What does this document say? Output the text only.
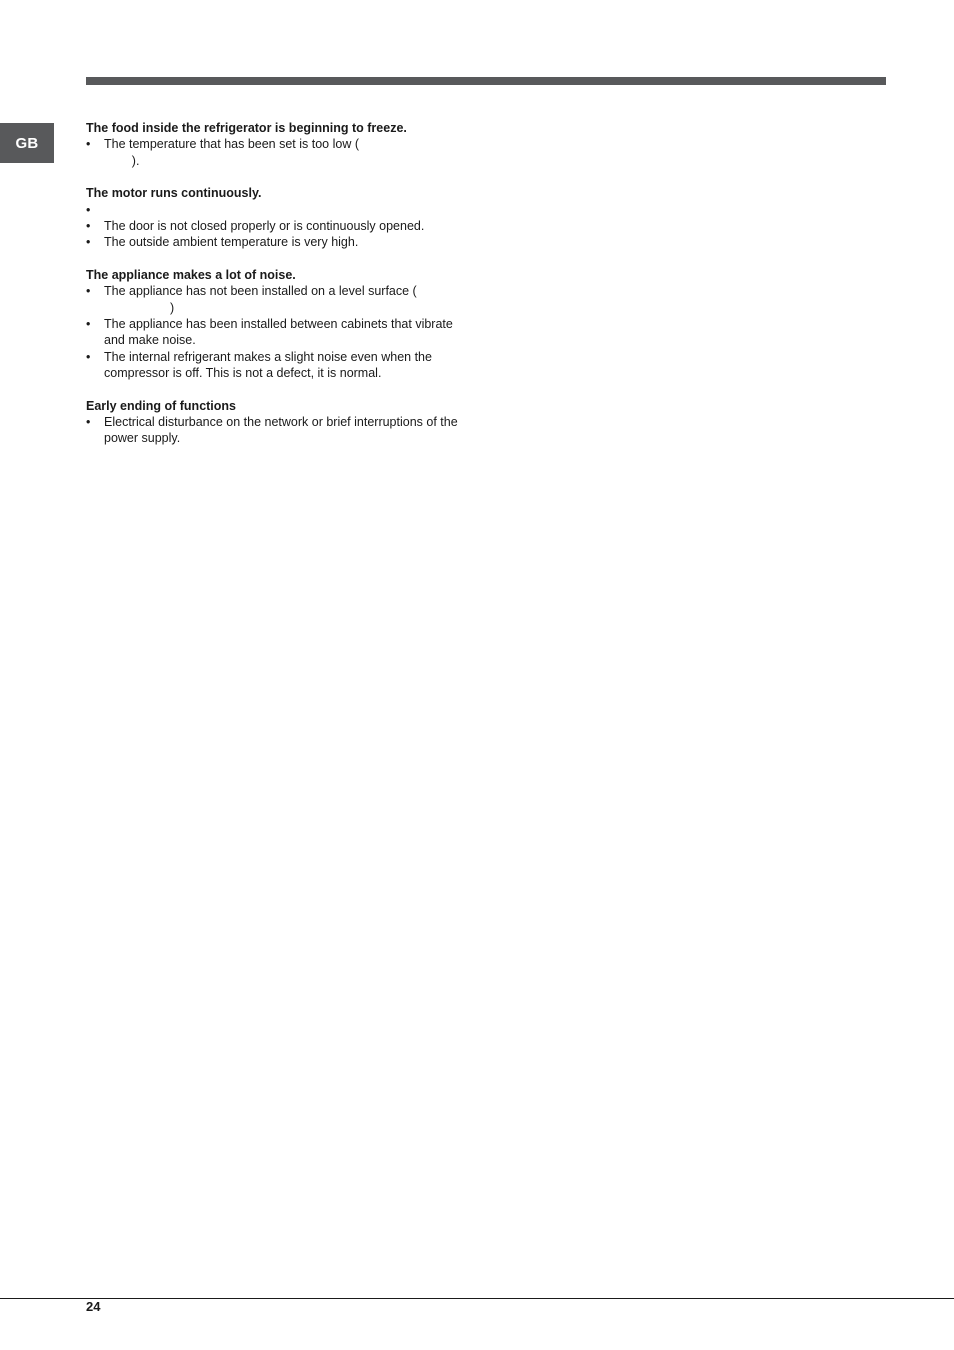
GB

The food inside the refrigerator is beginning to freeze.

• The temperature that has been set is too low (
).

The motor runs continuously.

•
• The door is not closed properly or is continuously opened.
• The outside ambient temperature is very high.

The appliance makes a lot of noise.

• The appliance has not been installed on a level surface (
)
• The appliance has been installed between cabinets that vibrate
and make noise.
• The internal refrigerant makes a slight noise even when the
compressor is off. This is not a defect, it is normal.

Early ending of functions

• Electrical disturbance on the network or brief interruptions of the
power supply.
24
